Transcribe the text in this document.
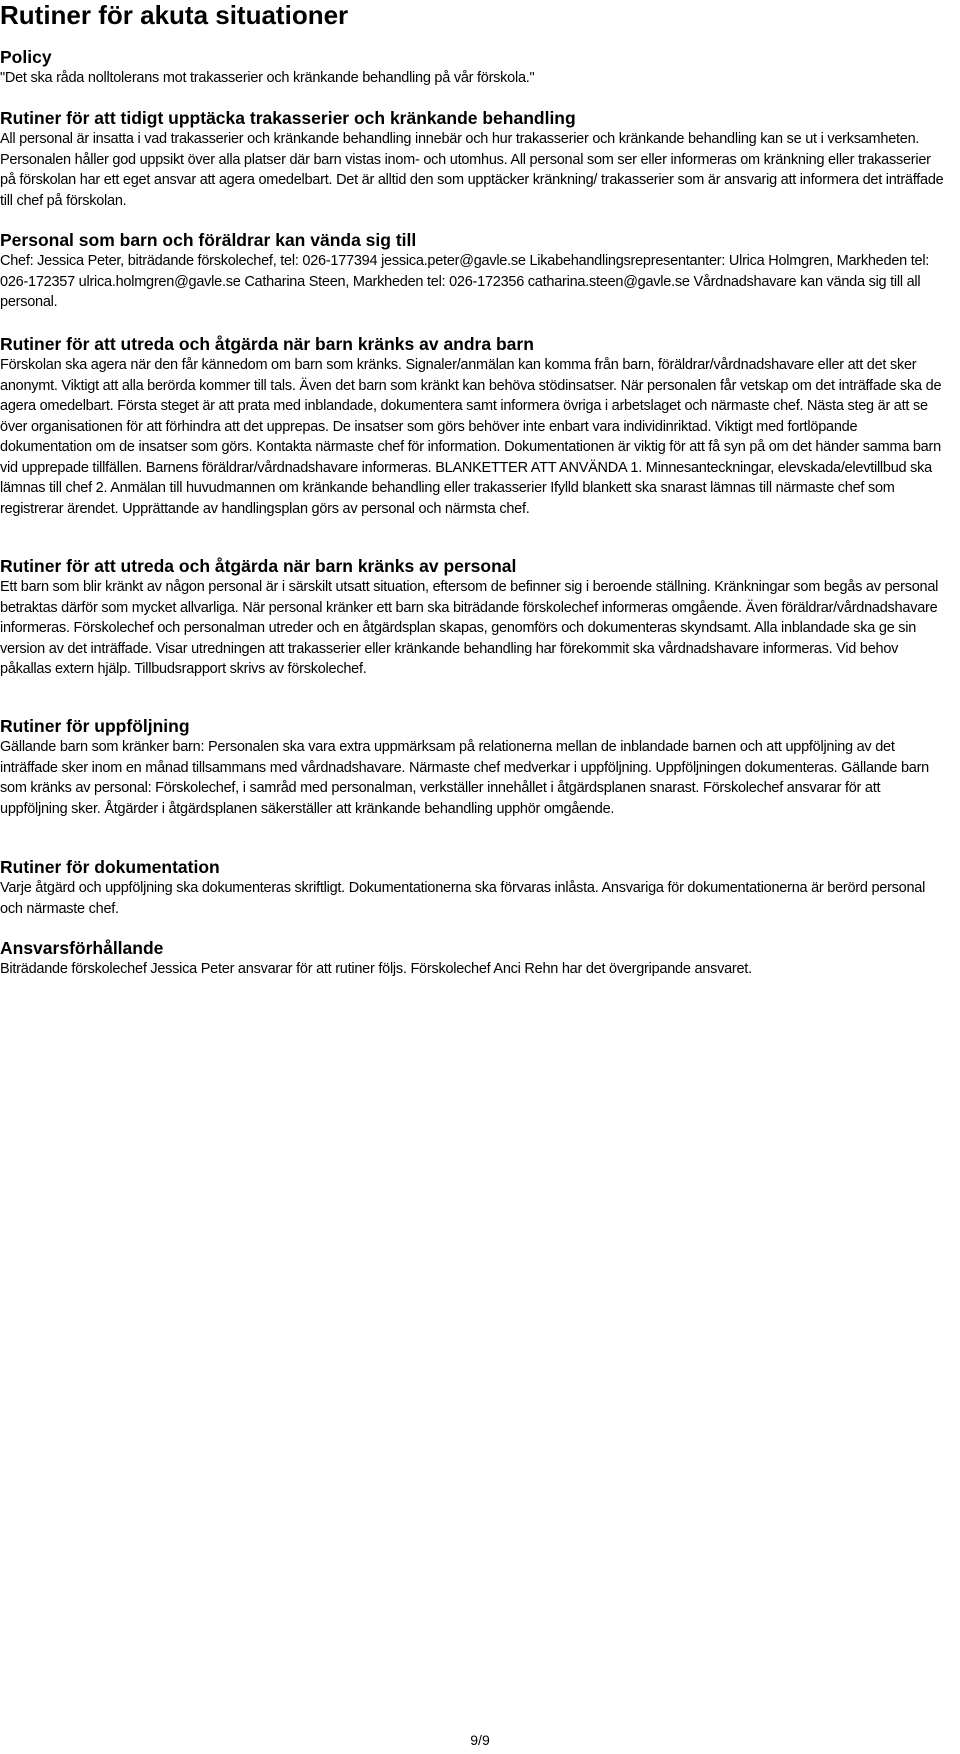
Rutiner för akuta situationer
Policy

"Det ska råda nolltolerans mot trakasserier och kränkande behandling på vår förskola."

Rutiner för att tidigt upptäcka trakasserier och kränkande behandling

All personal är insatta i vad trakasserier och kränkande behandling innebär och hur trakasserier och kränkande behandling kan se ut i verksamheten. Personalen håller god uppsikt över alla platser där barn vistas inom- och utomhus. All personal som ser eller informeras om kränkning eller trakasserier på förskolan har ett eget ansvar att agera omedelbart. Det är alltid den som upptäcker kränkning/ trakasserier som är ansvarig att informera det inträffade till chef på förskolan.

Personal som barn och föräldrar kan vända sig till

Chef: Jessica Peter, biträdande förskolechef, tel: 026-177394 jessica.peter@gavle.se Likabehandlingsrepresentanter: Ulrica Holmgren, Markheden tel: 026-172357 ulrica.holmgren@gavle.se Catharina Steen, Markheden tel: 026-172356 catharina.steen@gavle.se Vårdnadshavare kan vända sig till all personal.

Rutiner för att utreda och åtgärda när barn kränks av andra barn

Förskolan ska agera när den får kännedom om barn som kränks. Signaler/anmälan kan komma från barn, föräldrar/vårdnadshavare eller att det sker anonymt. Viktigt att alla berörda kommer till tals. Även det barn som kränkt kan behöva stödinsatser. När personalen får vetskap om det inträffade ska de agera omedelbart. Första steget är att prata med inblandade, dokumentera samt informera övriga i arbetslaget och närmaste chef. Nästa steg är att se över organisationen för att förhindra att det upprepas. De insatser som görs behöver inte enbart vara individinriktad. Viktigt med fortlöpande dokumentation om de insatser som görs. Kontakta närmaste chef för information. Dokumentationen är viktig för att få syn på om det händer samma barn vid upprepade tillfällen. Barnens föräldrar/vårdnadshavare informeras. BLANKETTER ATT ANVÄNDA 1. Minnesanteckningar, elevskada/elevtillbud ska lämnas till chef 2. Anmälan till huvudmannen om kränkande behandling eller trakasserier Ifylld blankett ska snarast lämnas till närmaste chef som registrerar ärendet. Upprättande av handlingsplan görs av personal och närmsta chef.

Rutiner för att utreda och åtgärda när barn kränks av personal

Ett barn som blir kränkt av någon personal är i särskilt utsatt situation, eftersom de befinner sig i beroende ställning. Kränkningar som begås av personal betraktas därför som mycket allvarliga. När personal kränker ett barn ska biträdande förskolechef informeras omgående. Även föräldrar/vårdnadshavare informeras. Förskolechef och personalman utreder och en åtgärdsplan skapas, genomförs och dokumenteras skyndsamt. Alla inblandade ska ge sin version av det inträffade. Visar utredningen att trakasserier eller kränkande behandling har förekommit ska vårdnadshavare informeras. Vid behov påkallas extern hjälp. Tillbudsrapport skrivs av förskolechef.

Rutiner för uppföljning

Gällande barn som kränker barn: Personalen ska vara extra uppmärksam på relationerna mellan de inblandade barnen och att uppföljning av det inträffade sker inom en månad tillsammans med vårdnadshavare. Närmaste chef medverkar i uppföljning. Uppföljningen dokumenteras. Gällande barn som kränks av personal: Förskolechef, i samråd med personalman, verkställer innehållet i åtgärdsplanen snarast. Förskolechef ansvarar för att uppföljning sker. Åtgärder i åtgärdsplanen säkerställer att kränkande behandling upphör omgående.

Rutiner för dokumentation

Varje åtgärd och uppföljning ska dokumenteras skriftligt. Dokumentationerna ska förvaras inlåsta. Ansvariga för dokumentationerna är berörd personal och närmaste chef.

Ansvarsförhållande

Biträdande förskolechef Jessica Peter ansvarar för att rutiner följs. Förskolechef Anci Rehn har det övergripande ansvaret.

9/9
